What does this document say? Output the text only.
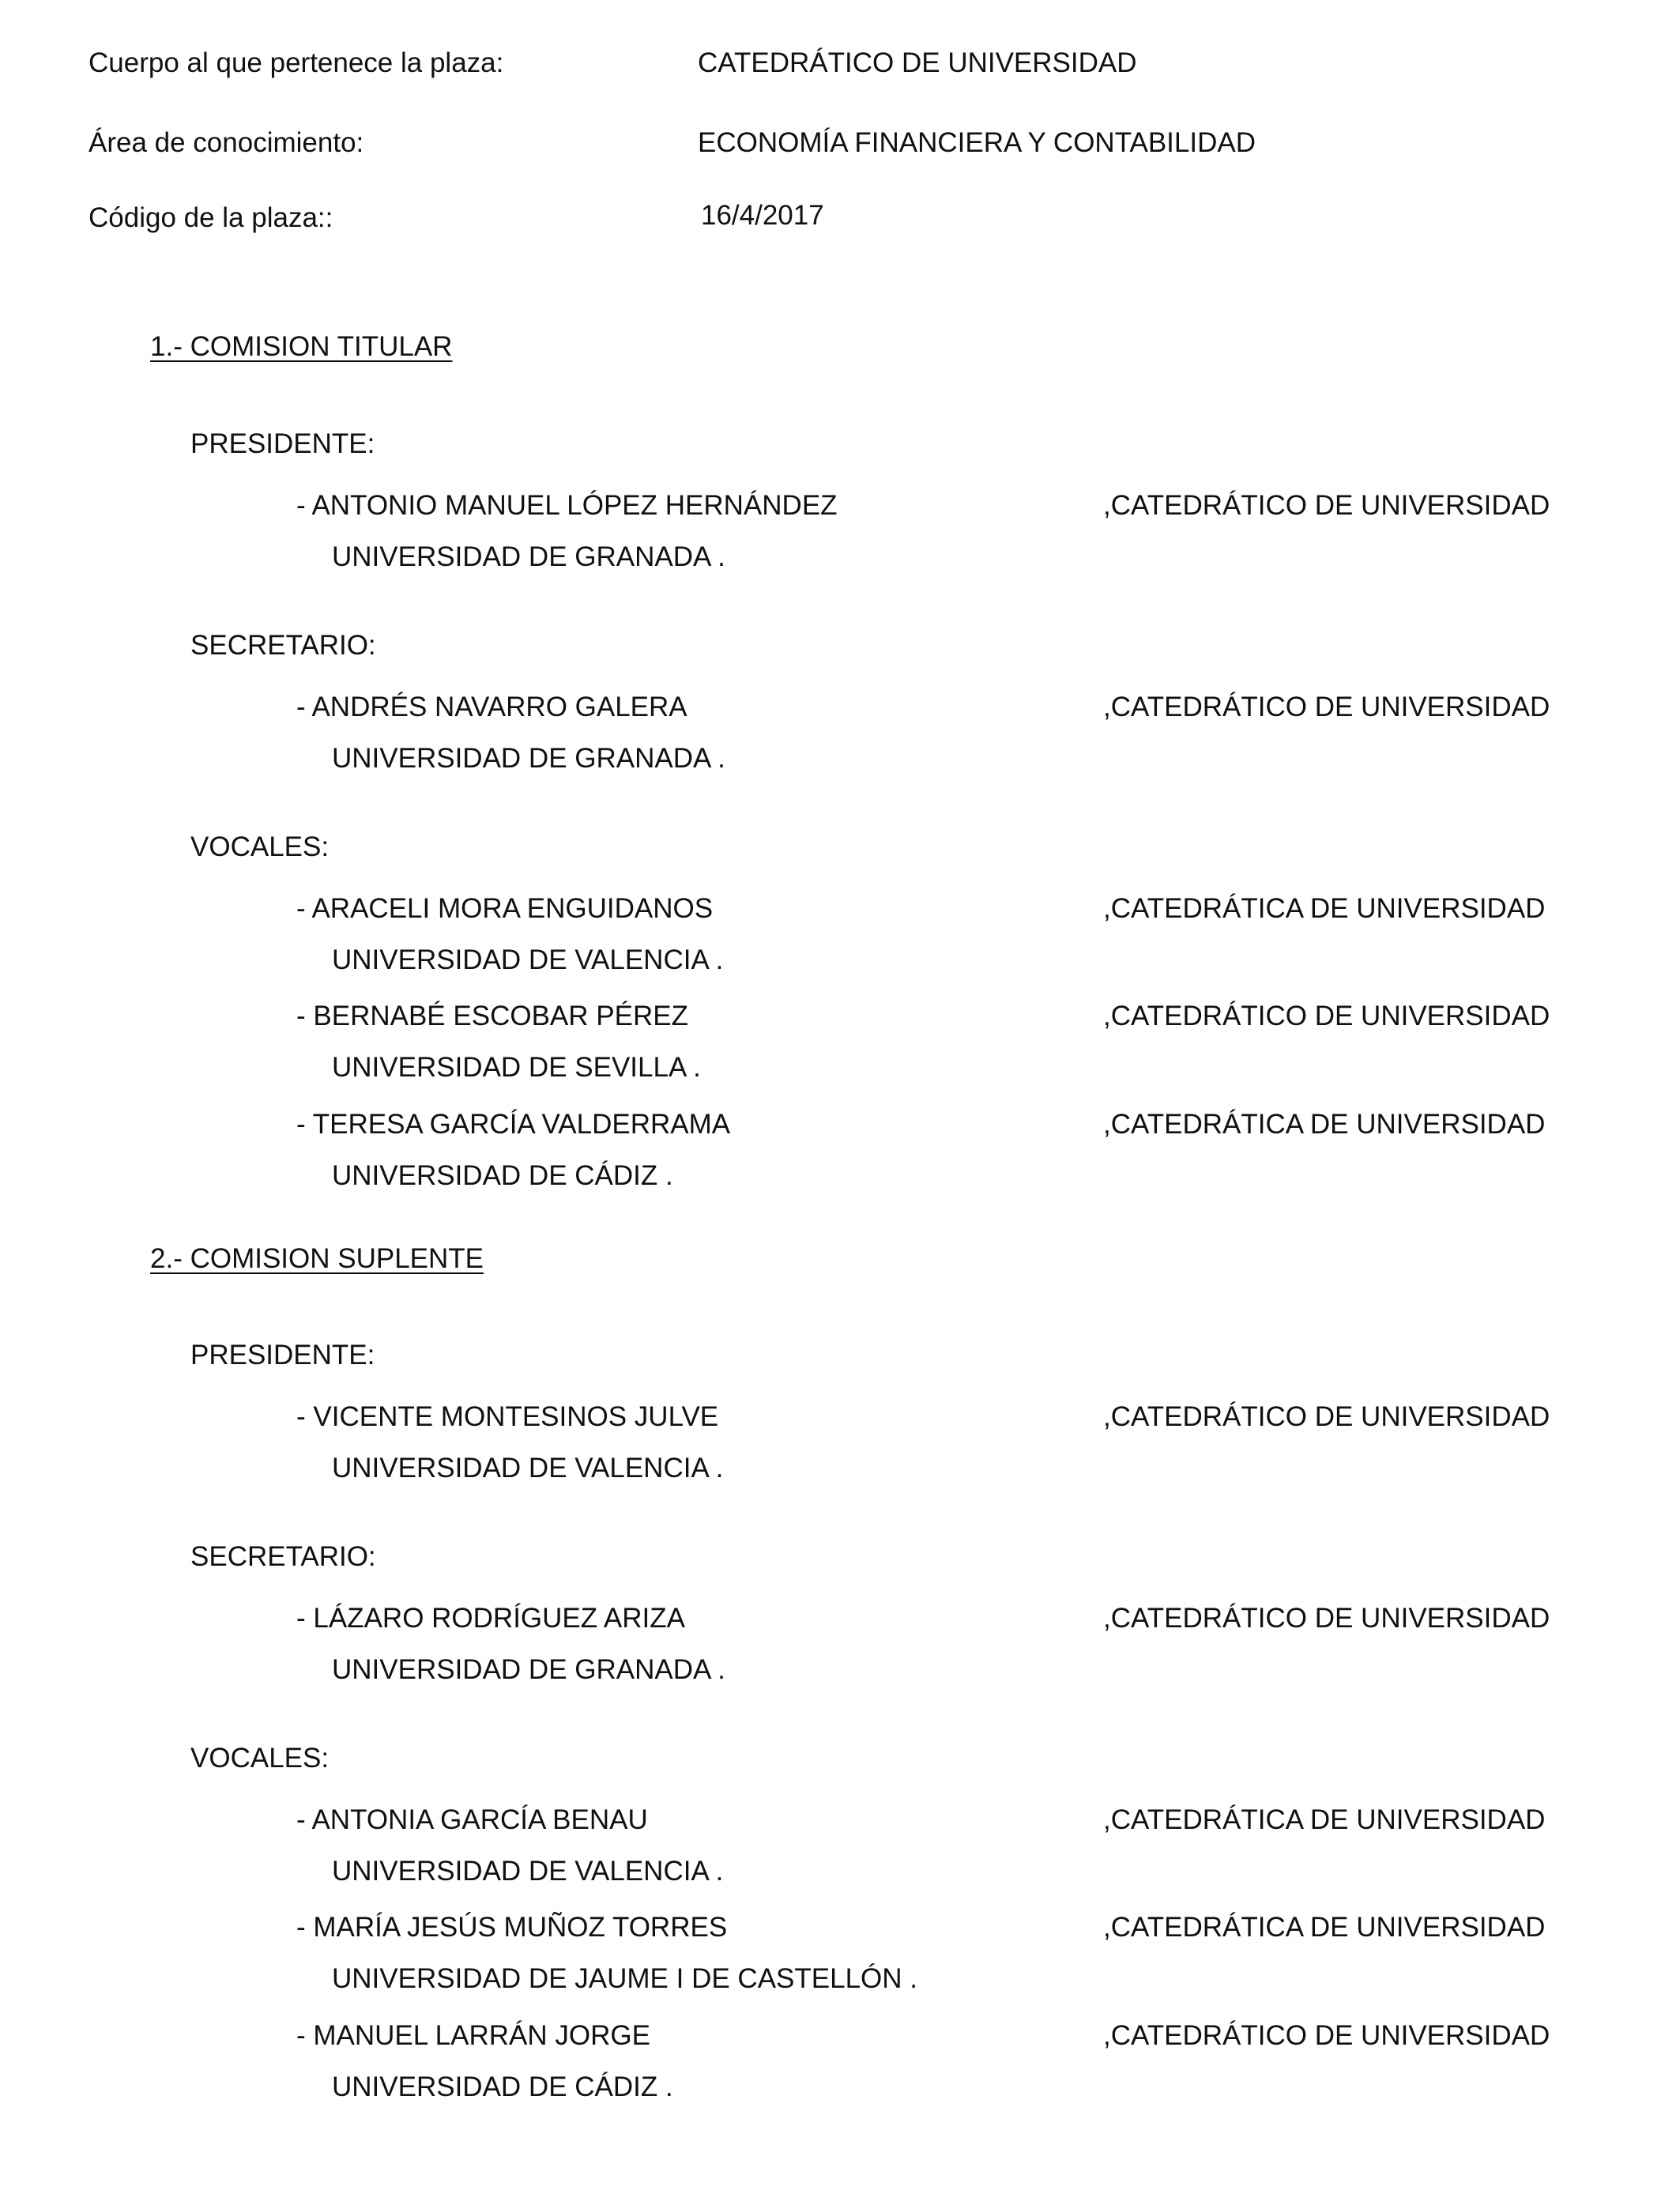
Cuerpo al que pertenece la plaza:	CATEDRÁTICO DE UNIVERSIDAD
Área de conocimiento:	ECONOMÍA FINANCIERA Y CONTABILIDAD
Código de la plaza::	16/4/2017
1.- COMISION TITULAR
PRESIDENTE:
- ANTONIO MANUEL LÓPEZ HERNÁNDEZ	,CATEDRÁTICO DE UNIVERSIDAD
UNIVERSIDAD DE GRANADA .
SECRETARIO:
- ANDRÉS NAVARRO GALERA	,CATEDRÁTICO DE UNIVERSIDAD
UNIVERSIDAD DE GRANADA .
VOCALES:
- ARACELI MORA ENGUIDANOS	,CATEDRÁTICA DE UNIVERSIDAD
UNIVERSIDAD DE VALENCIA .
- BERNABÉ ESCOBAR PÉREZ	,CATEDRÁTICO DE UNIVERSIDAD
UNIVERSIDAD DE SEVILLA .
- TERESA GARCÍA VALDERRAMA	,CATEDRÁTICA DE UNIVERSIDAD
UNIVERSIDAD DE CÁDIZ .
2.- COMISION SUPLENTE
PRESIDENTE:
- VICENTE MONTESINOS JULVE	,CATEDRÁTICO DE UNIVERSIDAD
UNIVERSIDAD DE VALENCIA .
SECRETARIO:
- LÁZARO RODRÍGUEZ ARIZA	,CATEDRÁTICO DE UNIVERSIDAD
UNIVERSIDAD DE GRANADA .
VOCALES:
- ANTONIA GARCÍA BENAU	,CATEDRÁTICA DE UNIVERSIDAD
UNIVERSIDAD DE VALENCIA .
- MARÍA JESÚS MUÑOZ TORRES	,CATEDRÁTICA DE UNIVERSIDAD
UNIVERSIDAD DE JAUME I DE CASTELLÓN .
- MANUEL LARRÁN JORGE	,CATEDRÁTICO DE UNIVERSIDAD
UNIVERSIDAD DE CÁDIZ .
